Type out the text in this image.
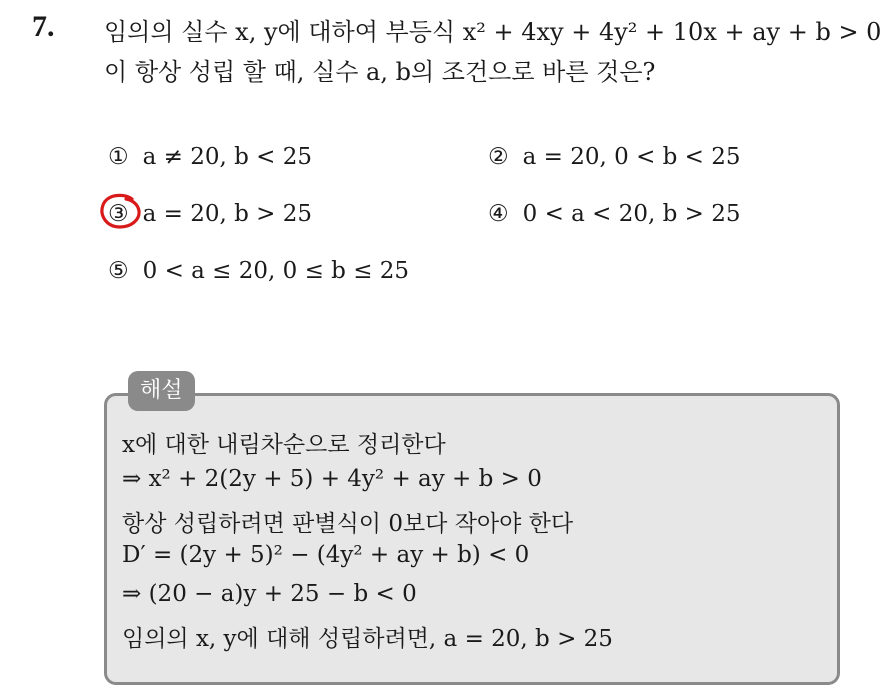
7. 임의의 실수 x, y에 대하여 부등식 x² + 4xy + 4y² + 10x + ay + b > 0
이 항상 성립 할 때, 실수 a, b의 조건으로 바른 것은?
① a ≠ 20, b < 25	② a = 20, 0 < b < 25
③ a = 20, b > 25	④ 0 < a < 20, b > 25
⑤ 0 < a ≤ 20, 0 ≤ b ≤ 25
해설
x에 대한 내림차순으로 정리한다
⇒ x² + 2(2y + 5) + 4y² + ay + b > 0
항상 성립하려면 판별식이 0보다 작아야 한다
D′ = (2y + 5)² − (4y² + ay + b) < 0
⇒ (20 − a)y + 25 − b < 0
임의의 x, y에 대해 성립하려면, a = 20, b > 25
